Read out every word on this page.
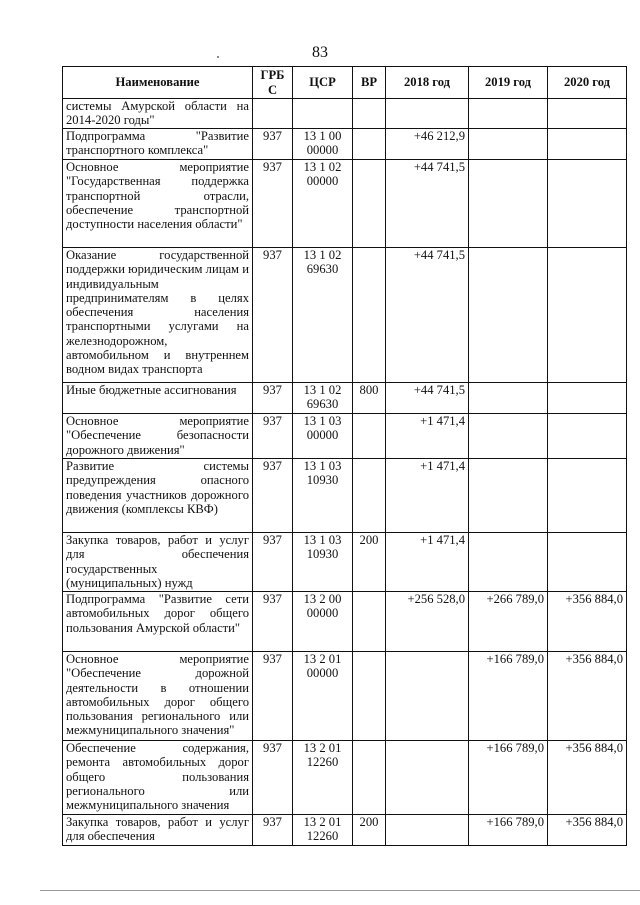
83
Наименование	ГРБ С	ЦСР	ВР	2018 год	2019 год	2020 год
системы Амурской области на 2014-2020 годы"						
Подпрограмма "Развитие транспортного комплекса"	937	13 1 00 00000		+46 212,9		
Основное мероприятие "Государственная поддержка транспортной отрасли, обеспечение транспортной доступности населения области"	937	13 1 02 00000		+44 741,5		
Оказание государственной поддержки юридическим лицам и индивидуальным предпринимателям в целях обеспечения населения транспортными услугами на железнодорожном, автомобильном и внутреннем водном видах транспорта	937	13 1 02 69630		+44 741,5		
Иные бюджетные ассигнования	937	13 1 02 69630	800	+44 741,5		
Основное мероприятие "Обеспечение безопасности дорожного движения"	937	13 1 03 00000		+1 471,4		
Развитие системы предупреждения опасного поведения участников дорожного движения (комплексы КВФ)	937	13 1 03 10930		+1 471,4		
Закупка товаров, работ и услуг для обеспечения государственных (муниципальных) нужд	937	13 1 03 10930	200	+1 471,4		
Подпрограмма "Развитие сети автомобильных дорог общего пользования Амурской области"	937	13 2 00 00000		+256 528,0	+266 789,0	+356 884,0
Основное мероприятие "Обеспечение дорожной деятельности в отношении автомобильных дорог общего пользования регионального или межмуниципального значения"	937	13 2 01 00000			+166 789,0	+356 884,0
Обеспечение содержания, ремонта автомобильных дорог общего пользования регионального или межмуниципального значения	937	13 2 01 12260			+166 789,0	+356 884,0
Закупка товаров, работ и услуг для обеспечения	937	13 2 01 12260	200		+166 789,0	+356 884,0
